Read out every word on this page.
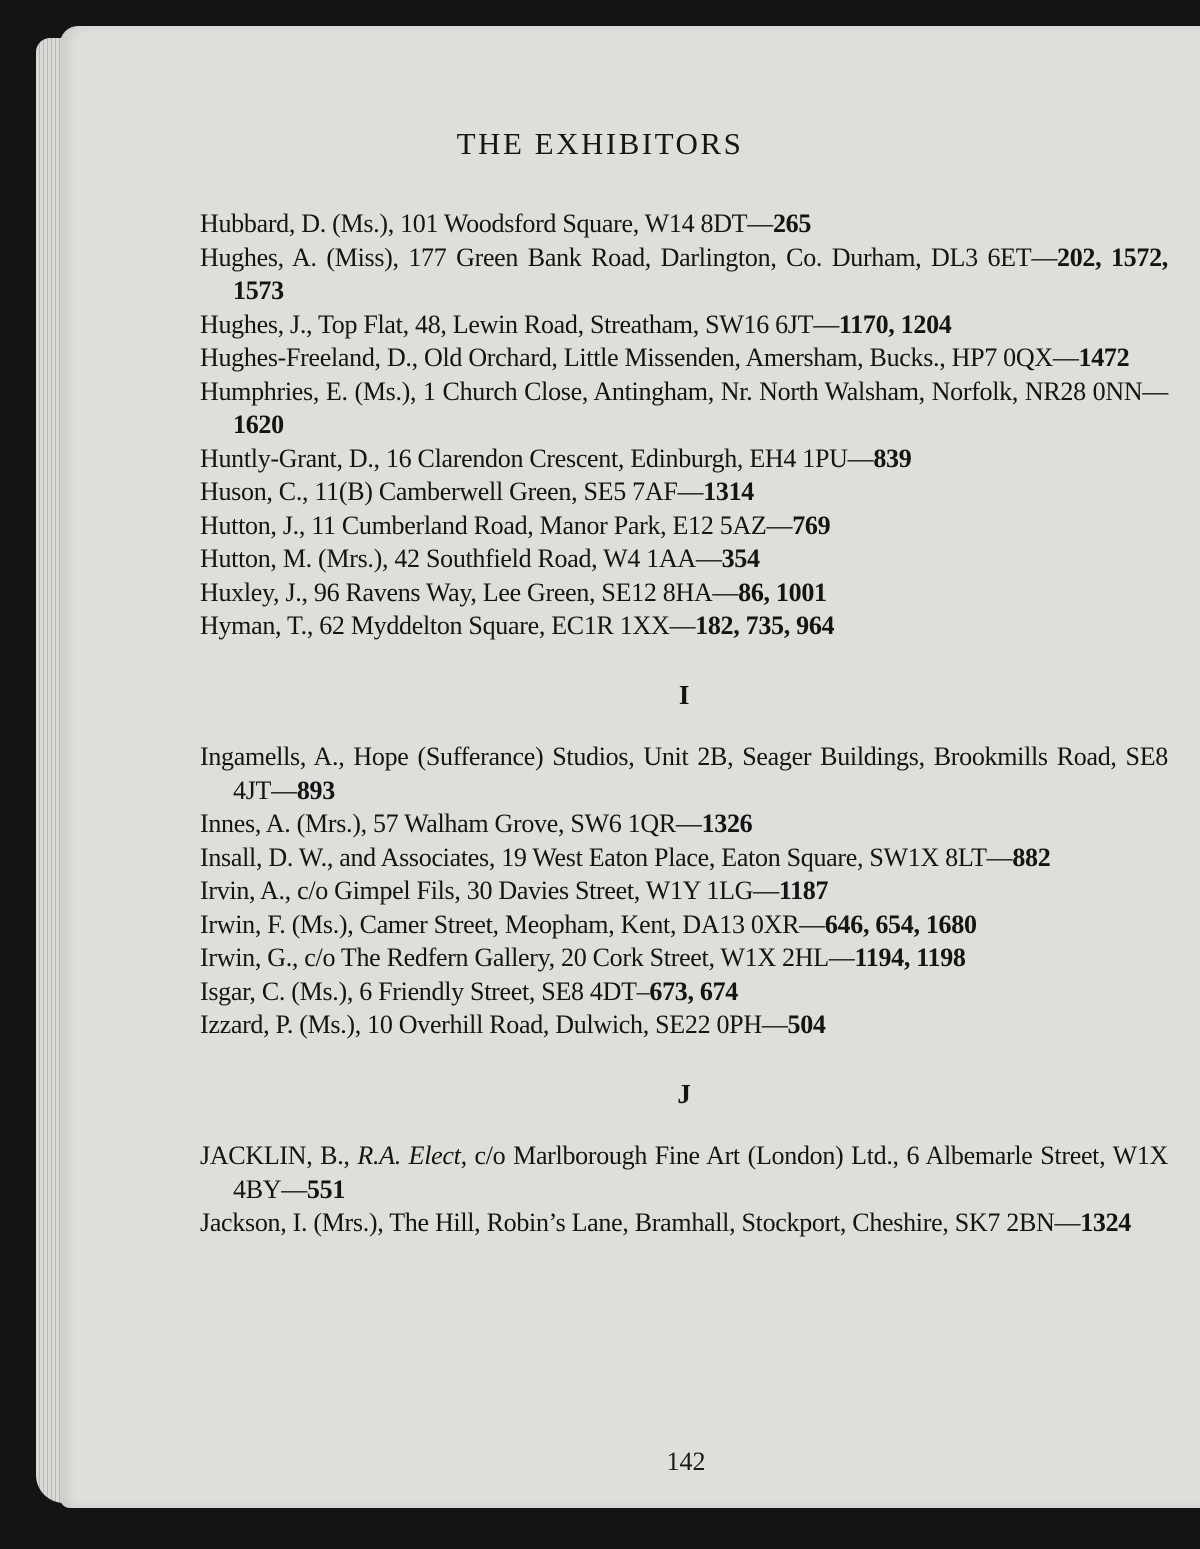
THE EXHIBITORS

Hubbard, D. (Ms.), 101 Woodsford Square, W14 8DT—265

Hughes, A. (Miss), 177 Green Bank Road, Darlington, Co. Durham, DL3 6ET—202, 1572, 1573

Hughes, J., Top Flat, 48, Lewin Road, Streatham, SW16 6JT—1170, 1204

Hughes-Freeland, D., Old Orchard, Little Missenden, Amersham, Bucks., HP7 0QX—1472

Humphries, E. (Ms.), 1 Church Close, Antingham, Nr. North Walsham, Norfolk, NR28 0NN—1620

Huntly-Grant, D., 16 Clarendon Crescent, Edinburgh, EH4 1PU—839

Huson, C., 11(B) Camberwell Green, SE5 7AF—1314

Hutton, J., 11 Cumberland Road, Manor Park, E12 5AZ—769

Hutton, M. (Mrs.), 42 Southfield Road, W4 1AA—354

Huxley, J., 96 Ravens Way, Lee Green, SE12 8HA—86, 1001

Hyman, T., 62 Myddelton Square, EC1R 1XX—182, 735, 964

I

Ingamells, A., Hope (Sufferance) Studios, Unit 2B, Seager Buildings, Brookmills Road, SE8 4JT—893

Innes, A. (Mrs.), 57 Walham Grove, SW6 1QR—1326

Insall, D. W., and Associates, 19 West Eaton Place, Eaton Square, SW1X 8LT—882

Irvin, A., c/o Gimpel Fils, 30 Davies Street, W1Y 1LG—1187

Irwin, F. (Ms.), Camer Street, Meopham, Kent, DA13 0XR—646, 654, 1680

Irwin, G., c/o The Redfern Gallery, 20 Cork Street, W1X 2HL—1194, 1198

Isgar, C. (Ms.), 6 Friendly Street, SE8 4DT–673, 674

Izzard, P. (Ms.), 10 Overhill Road, Dulwich, SE22 0PH—504

J

JACKLIN, B., R.A. Elect, c/o Marlborough Fine Art (London) Ltd., 6 Albemarle Street, W1X 4BY—551

Jackson, I. (Mrs.), The Hill, Robin’s Lane, Bramhall, Stockport, Cheshire, SK7 2BN—1324

142
